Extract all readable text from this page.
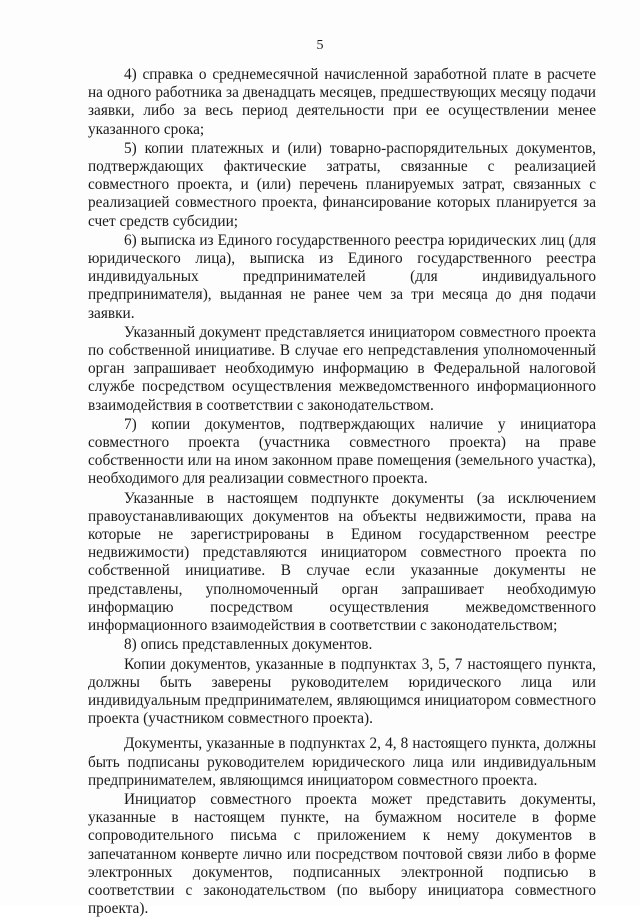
5

4) справка о среднемесячной начисленной заработной плате в расчете на одного работника за двенадцать месяцев, предшествующих месяцу подачи заявки, либо за весь период деятельности при ее осуществлении менее указанного срока;

5) копии платежных и (или) товарно-распорядительных документов, подтверждающих фактические затраты, связанные с реализацией совместного проекта, и (или) перечень планируемых затрат, связанных с реализацией совместного проекта, финансирование которых планируется за счет средств субсидии;

6) выписка из Единого государственного реестра юридических лиц (для юридического лица), выписка из Единого государственного реестра индивидуальных предпринимателей (для индивидуального предпринимателя), выданная не ранее чем за три месяца до дня подачи заявки.

Указанный документ представляется инициатором совместного проекта по собственной инициативе. В случае его непредставления уполномоченный орган запрашивает необходимую информацию в Федеральной налоговой службе посредством осуществления межведомственного информационного взаимодействия в соответствии с законодательством.

7) копии документов, подтверждающих наличие у инициатора совместного проекта (участника совместного проекта) на праве собственности или на ином законном праве помещения (земельного участка), необходимого для реализации совместного проекта.

Указанные в настоящем подпункте документы (за исключением правоустанавливающих документов на объекты недвижимости, права на которые не зарегистрированы в Едином государственном реестре недвижимости) представляются инициатором совместного проекта по собственной инициативе. В случае если указанные документы не представлены, уполномоченный орган запрашивает необходимую информацию посредством осуществления межведомственного информационного взаимодействия в соответствии с законодательством;

8) опись представленных документов.

Копии документов, указанные в подпунктах 3, 5, 7 настоящего пункта, должны быть заверены руководителем юридического лица или индивидуальным предпринимателем, являющимся инициатором совместного проекта (участником совместного проекта).

Документы, указанные в подпунктах 2, 4, 8 настоящего пункта, должны быть подписаны руководителем юридического лица или индивидуальным предпринимателем, являющимся инициатором совместного проекта.

Инициатор совместного проекта может представить документы, указанные в настоящем пункте, на бумажном носителе в форме сопроводительного письма с приложением к нему документов в запечатанном конверте лично или посредством почтовой связи либо в форме электронных документов, подписанных электронной подписью в соответствии с законодательством (по выбору инициатора совместного проекта).
